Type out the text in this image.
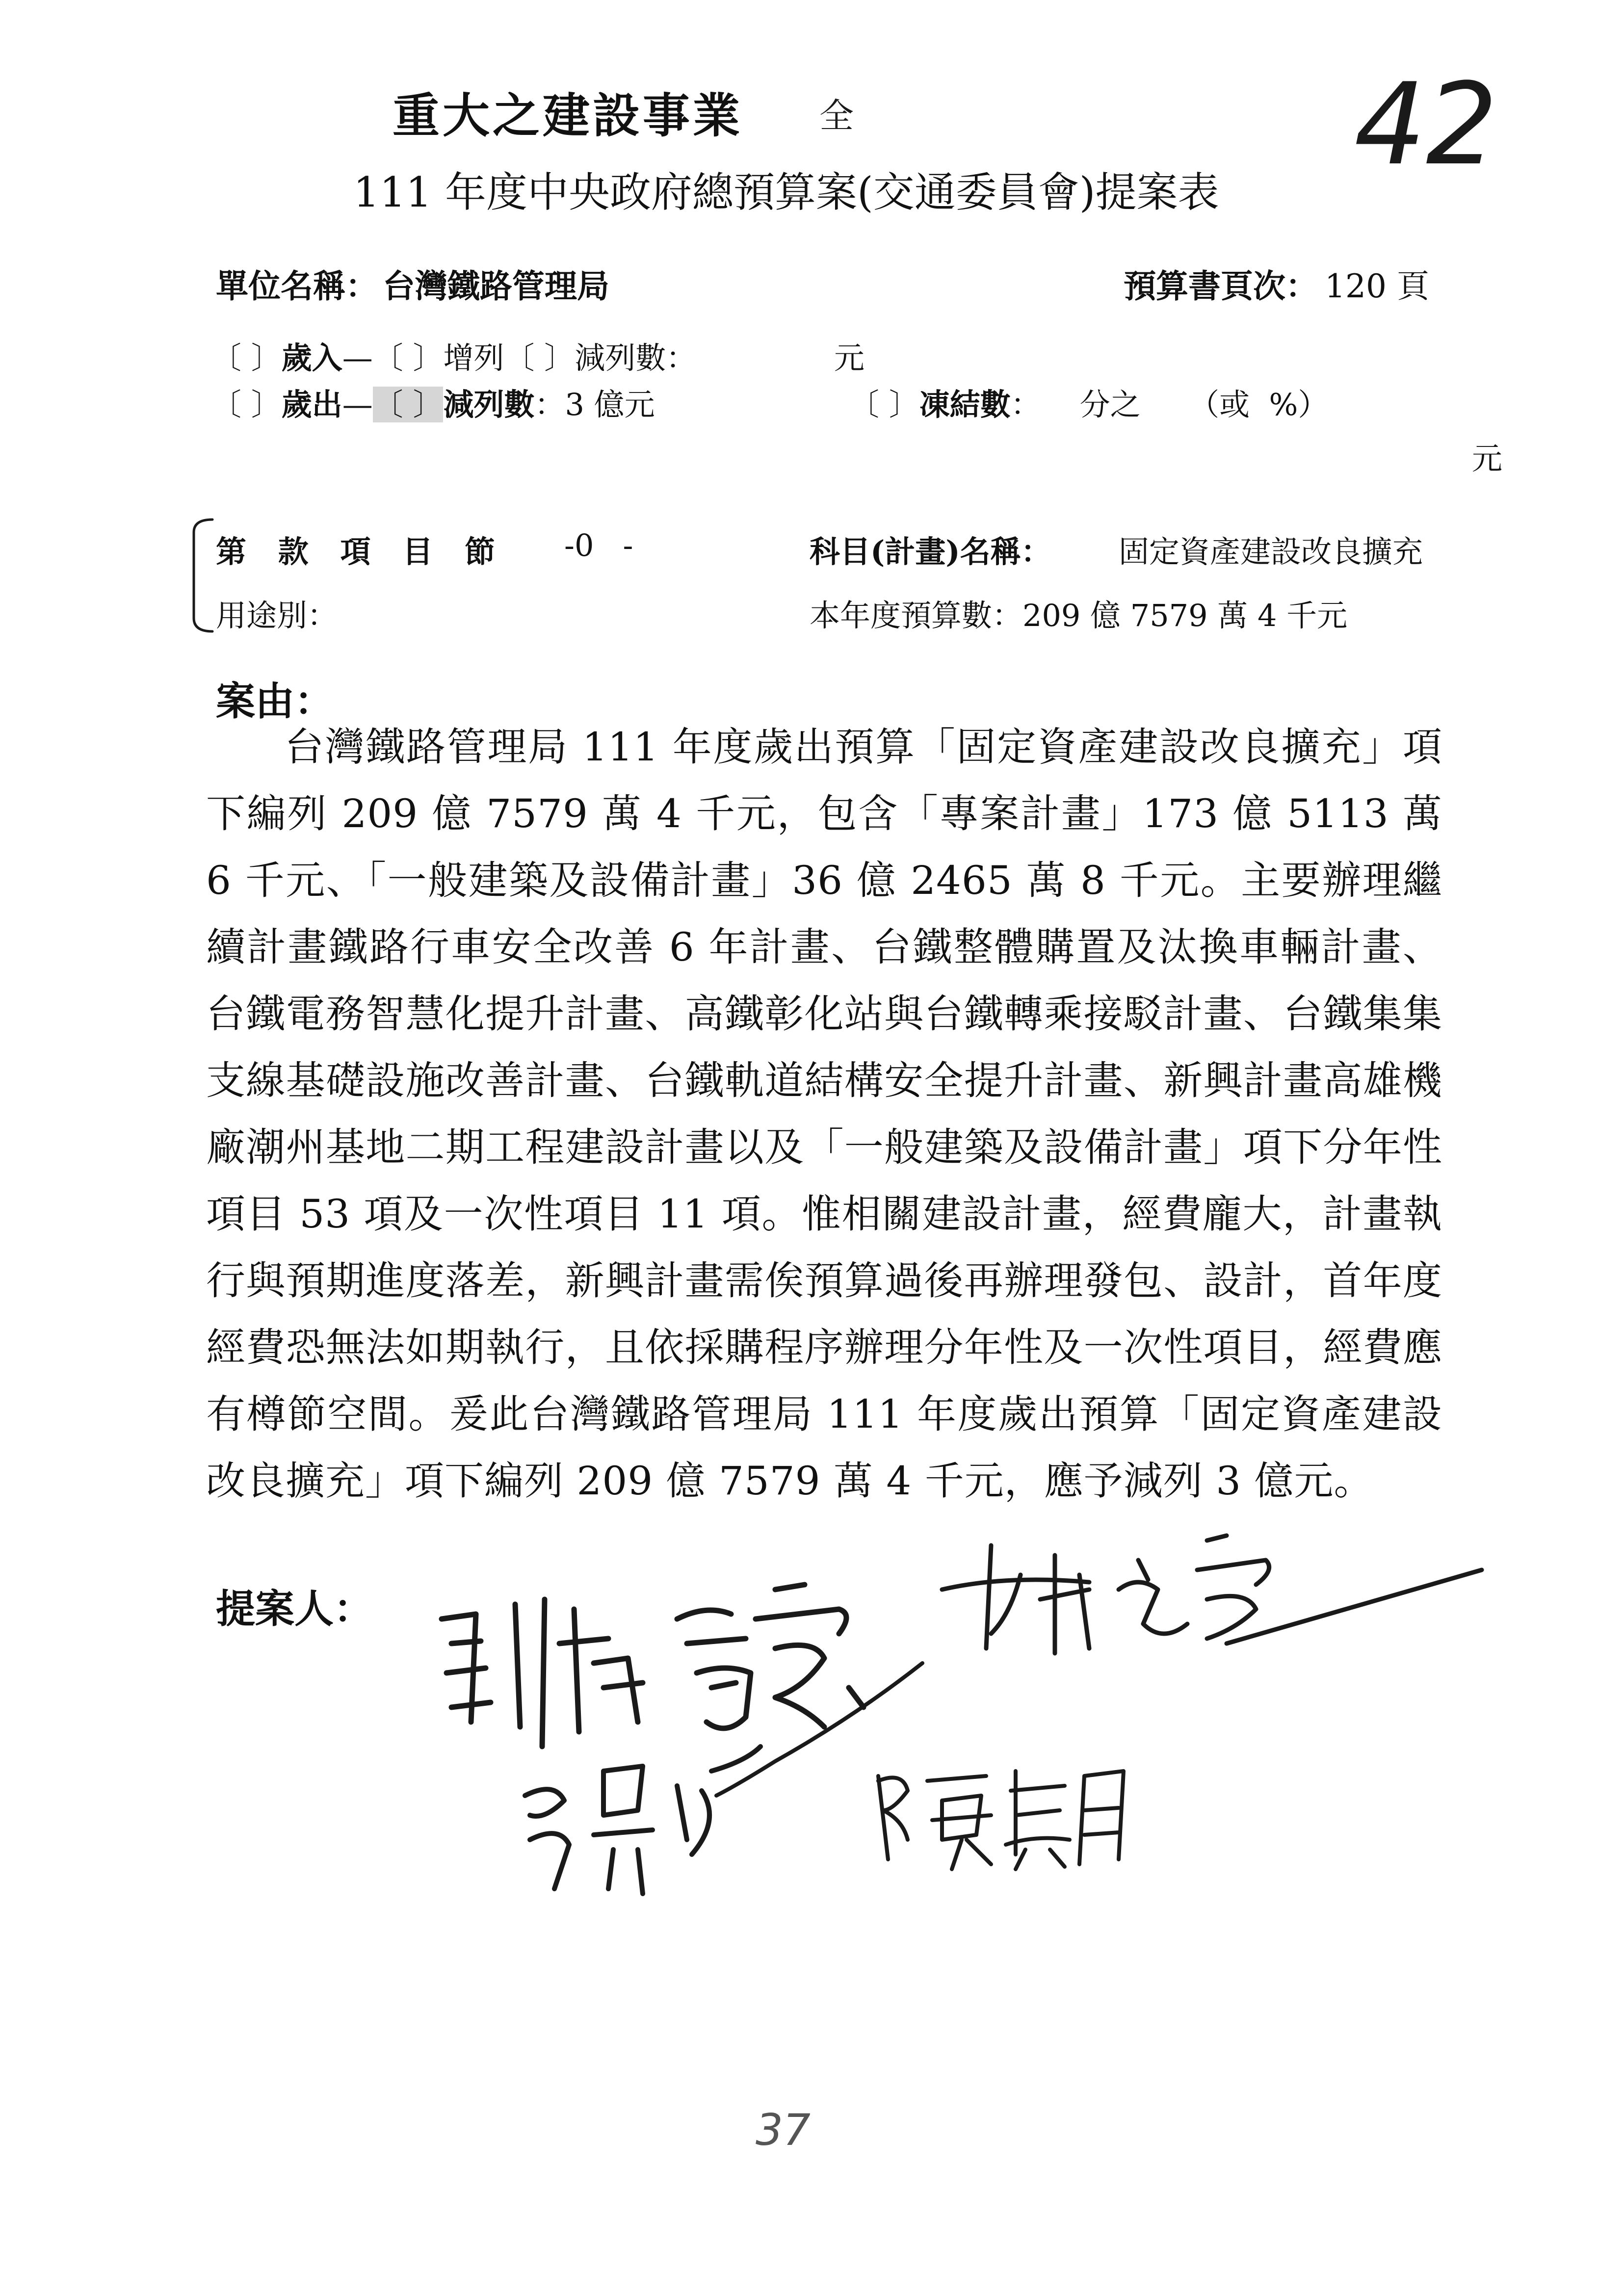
重大之建設事業 全	42
111 年度中央政府總預算案(交通委員會)提案表
單位名稱： 台灣鐵路管理局	預算書頁次： 120 頁
〔 〕歲入—〔 〕增列〔 〕減列數：	元
〔 〕歲出—〔 〕減列數：3 億元	〔 〕凍結數：    分之     （或  %）
元
第   款   項   目   節 -0   -	科目(計畫)名稱： 固定資產建設改良擴充
用途別：	本年度預算數：209 億 7579 萬 4 千元
案由：

台灣鐵路管理局 111 年度歲出預算「固定資產建設改良擴充」項下編列 209 億 7579 萬 4 千元，包含「專案計畫」173 億 5113 萬 6 千元、「一般建築及設備計畫」36 億 2465 萬 8 千元。主要辦理繼續計畫鐵路行車安全改善 6 年計畫、台鐵整體購置及汰換車輛計畫、台鐵電務智慧化提升計畫、高鐵彰化站與台鐵轉乘接駁計畫、台鐵集集支線基礎設施改善計畫、台鐵軌道結構安全提升計畫、新興計畫高雄機廠潮州基地二期工程建設計畫以及「一般建築及設備計畫」項下分年性項目 53 項及一次性項目 11 項。惟相關建設計畫，經費龐大，計畫執行與預期進度落差，新興計畫需俟預算過後再辦理發包、設計，首年度經費恐無法如期執行，且依採購程序辦理分年性及一次性項目，經費應有樽節空間。爰此台灣鐵路管理局 111 年度歲出預算「固定資產建設改良擴充」項下編列 209 億 7579 萬 4 千元，應予減列 3 億元。

提案人：
37
